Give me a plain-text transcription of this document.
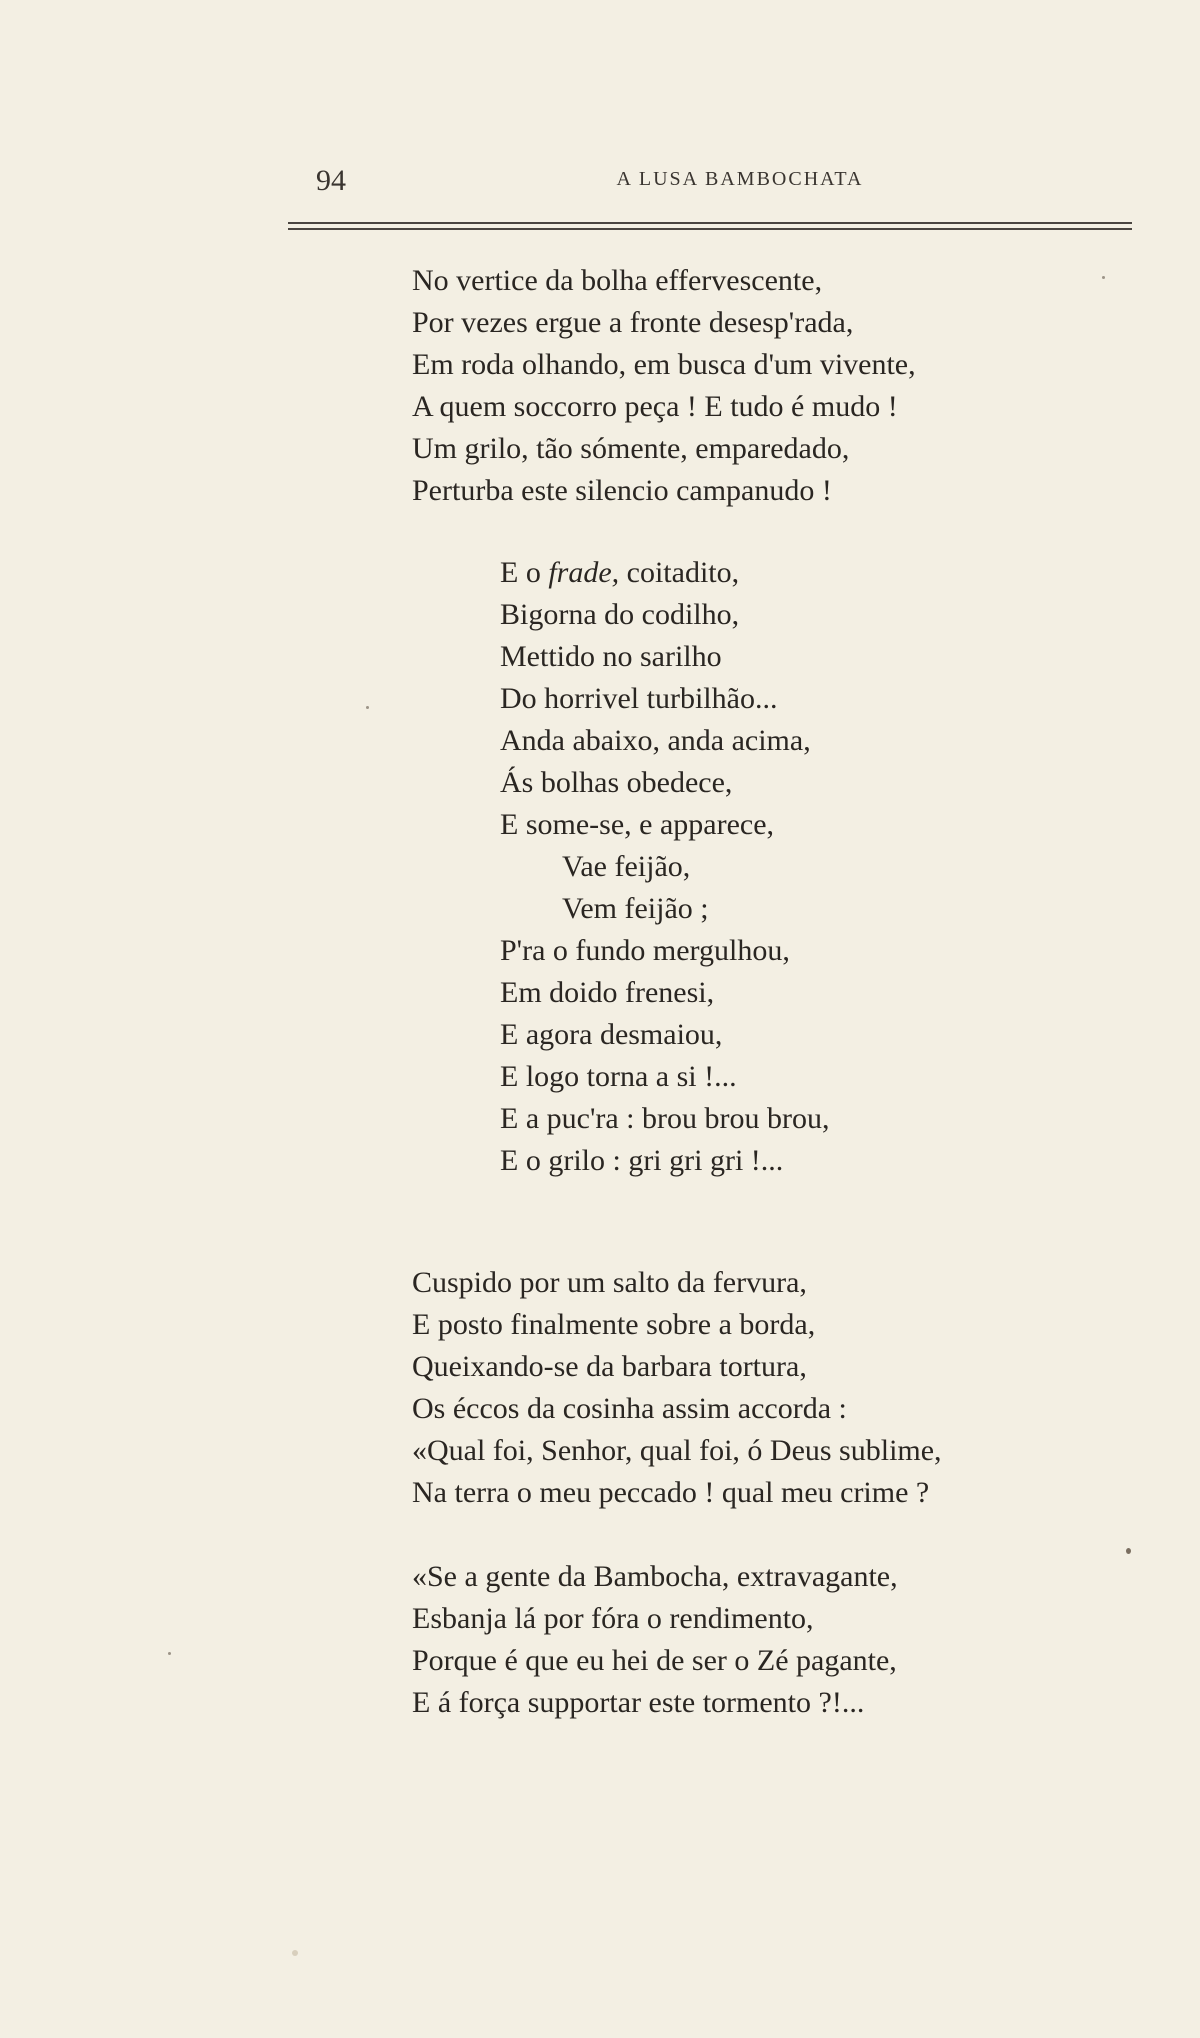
94	A LUSA BAMBOCHATA
No vertice da bolha effervescente,
Por vezes ergue a fronte desesp'rada,
Em roda olhando, em busca d'um vivente,
A quem soccorro peça ! E tudo é mudo !
Um grilo, tão sómente, emparedado,
Perturba este silencio campanudo !
E o frade, coitadito,
Bigorna do codilho,
Mettido no sarilho
Do horrivel turbilhão...
Anda abaixo, anda acima,
Ás bolhas obedece,
E some-se, e apparece,
Vae feijão,
Vem feijão ;
P'ra o fundo mergulhou,
Em doido frenesi,
E agora desmaiou,
E logo torna a si !...
E a puc'ra : brou brou brou,
E o grilo : gri gri gri !...
Cuspido por um salto da fervura,
E posto finalmente sobre a borda,
Queixando-se da barbara tortura,
Os éccos da cosinha assim accorda :
«Qual foi, Senhor, qual foi, ó Deus sublime,
Na terra o meu peccado ! qual meu crime ?
«Se a gente da Bambocha, extravagante,
Esbanja lá por fóra o rendimento,
Porque é que eu hei de ser o Zé pagante,
E á força supportar este tormento ?!...
